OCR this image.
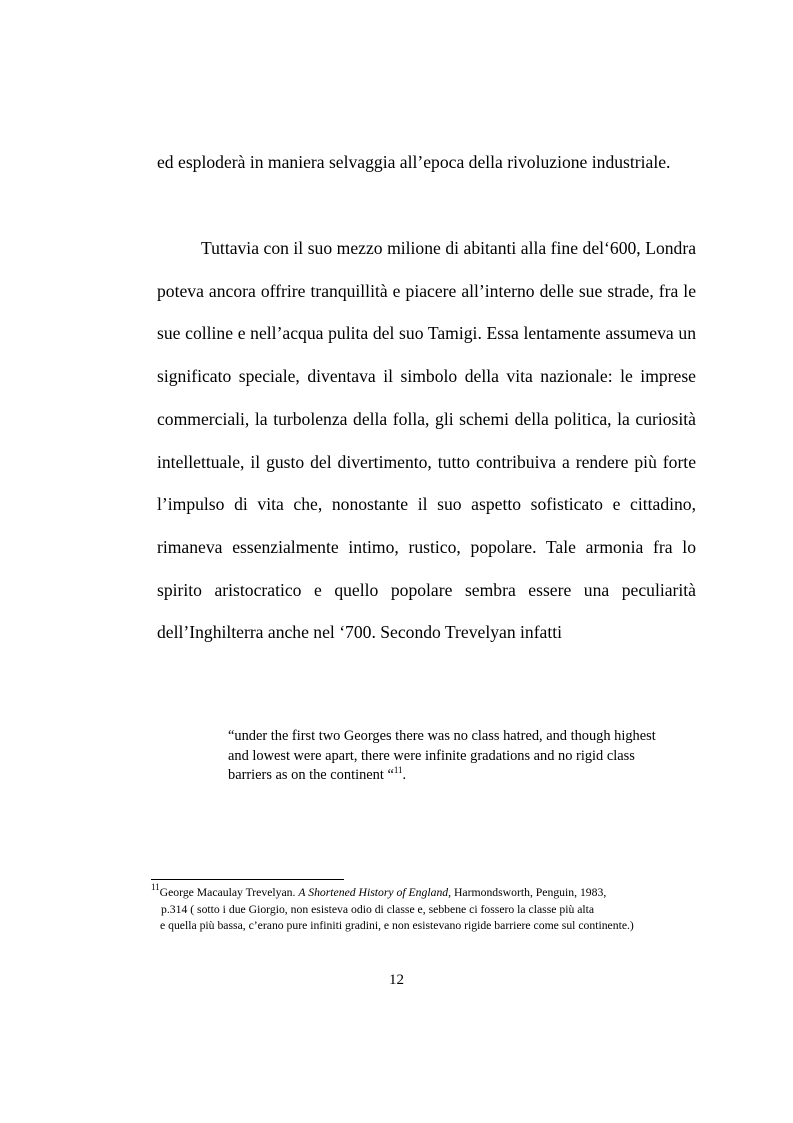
ed esploderà in maniera selvaggia all’epoca della rivoluzione industriale.

Tuttavia con il suo mezzo milione di abitanti alla fine del‘600, Londra poteva ancora offrire tranquillità e piacere all’interno delle sue strade, fra le sue colline e nell’acqua pulita del suo Tamigi. Essa lentamente assumeva un significato speciale, diventava il simbolo della vita nazionale: le imprese commerciali, la turbolenza della folla, gli schemi della politica, la curiosità intellettuale, il gusto del divertimento, tutto contribuiva a rendere più forte l’impulso di vita che, nonostante il suo aspetto sofisticato e cittadino, rimaneva essenzialmente intimo, rustico, popolare. Tale armonia fra lo spirito aristocratico e quello popolare sembra essere una peculiarità dell’Inghilterra anche nel ‘700. Secondo Trevelyan infatti

“under the first two Georges there was no class hatred, and though highest and lowest were apart, there were infinite gradations and no rigid class barriers as on the continent “$^{11}$.

$^{11}$George Macaulay Trevelyan. A Shortened History of England, Harmondsworth, Penguin, 1983,
p.314 ( sotto i due Giorgio, non esisteva odio di classe e, sebbene ci fossero la classe più alta
e quella più bassa, c’erano pure infiniti gradini, e non esistevano rigide barriere come sul continente.)

12
